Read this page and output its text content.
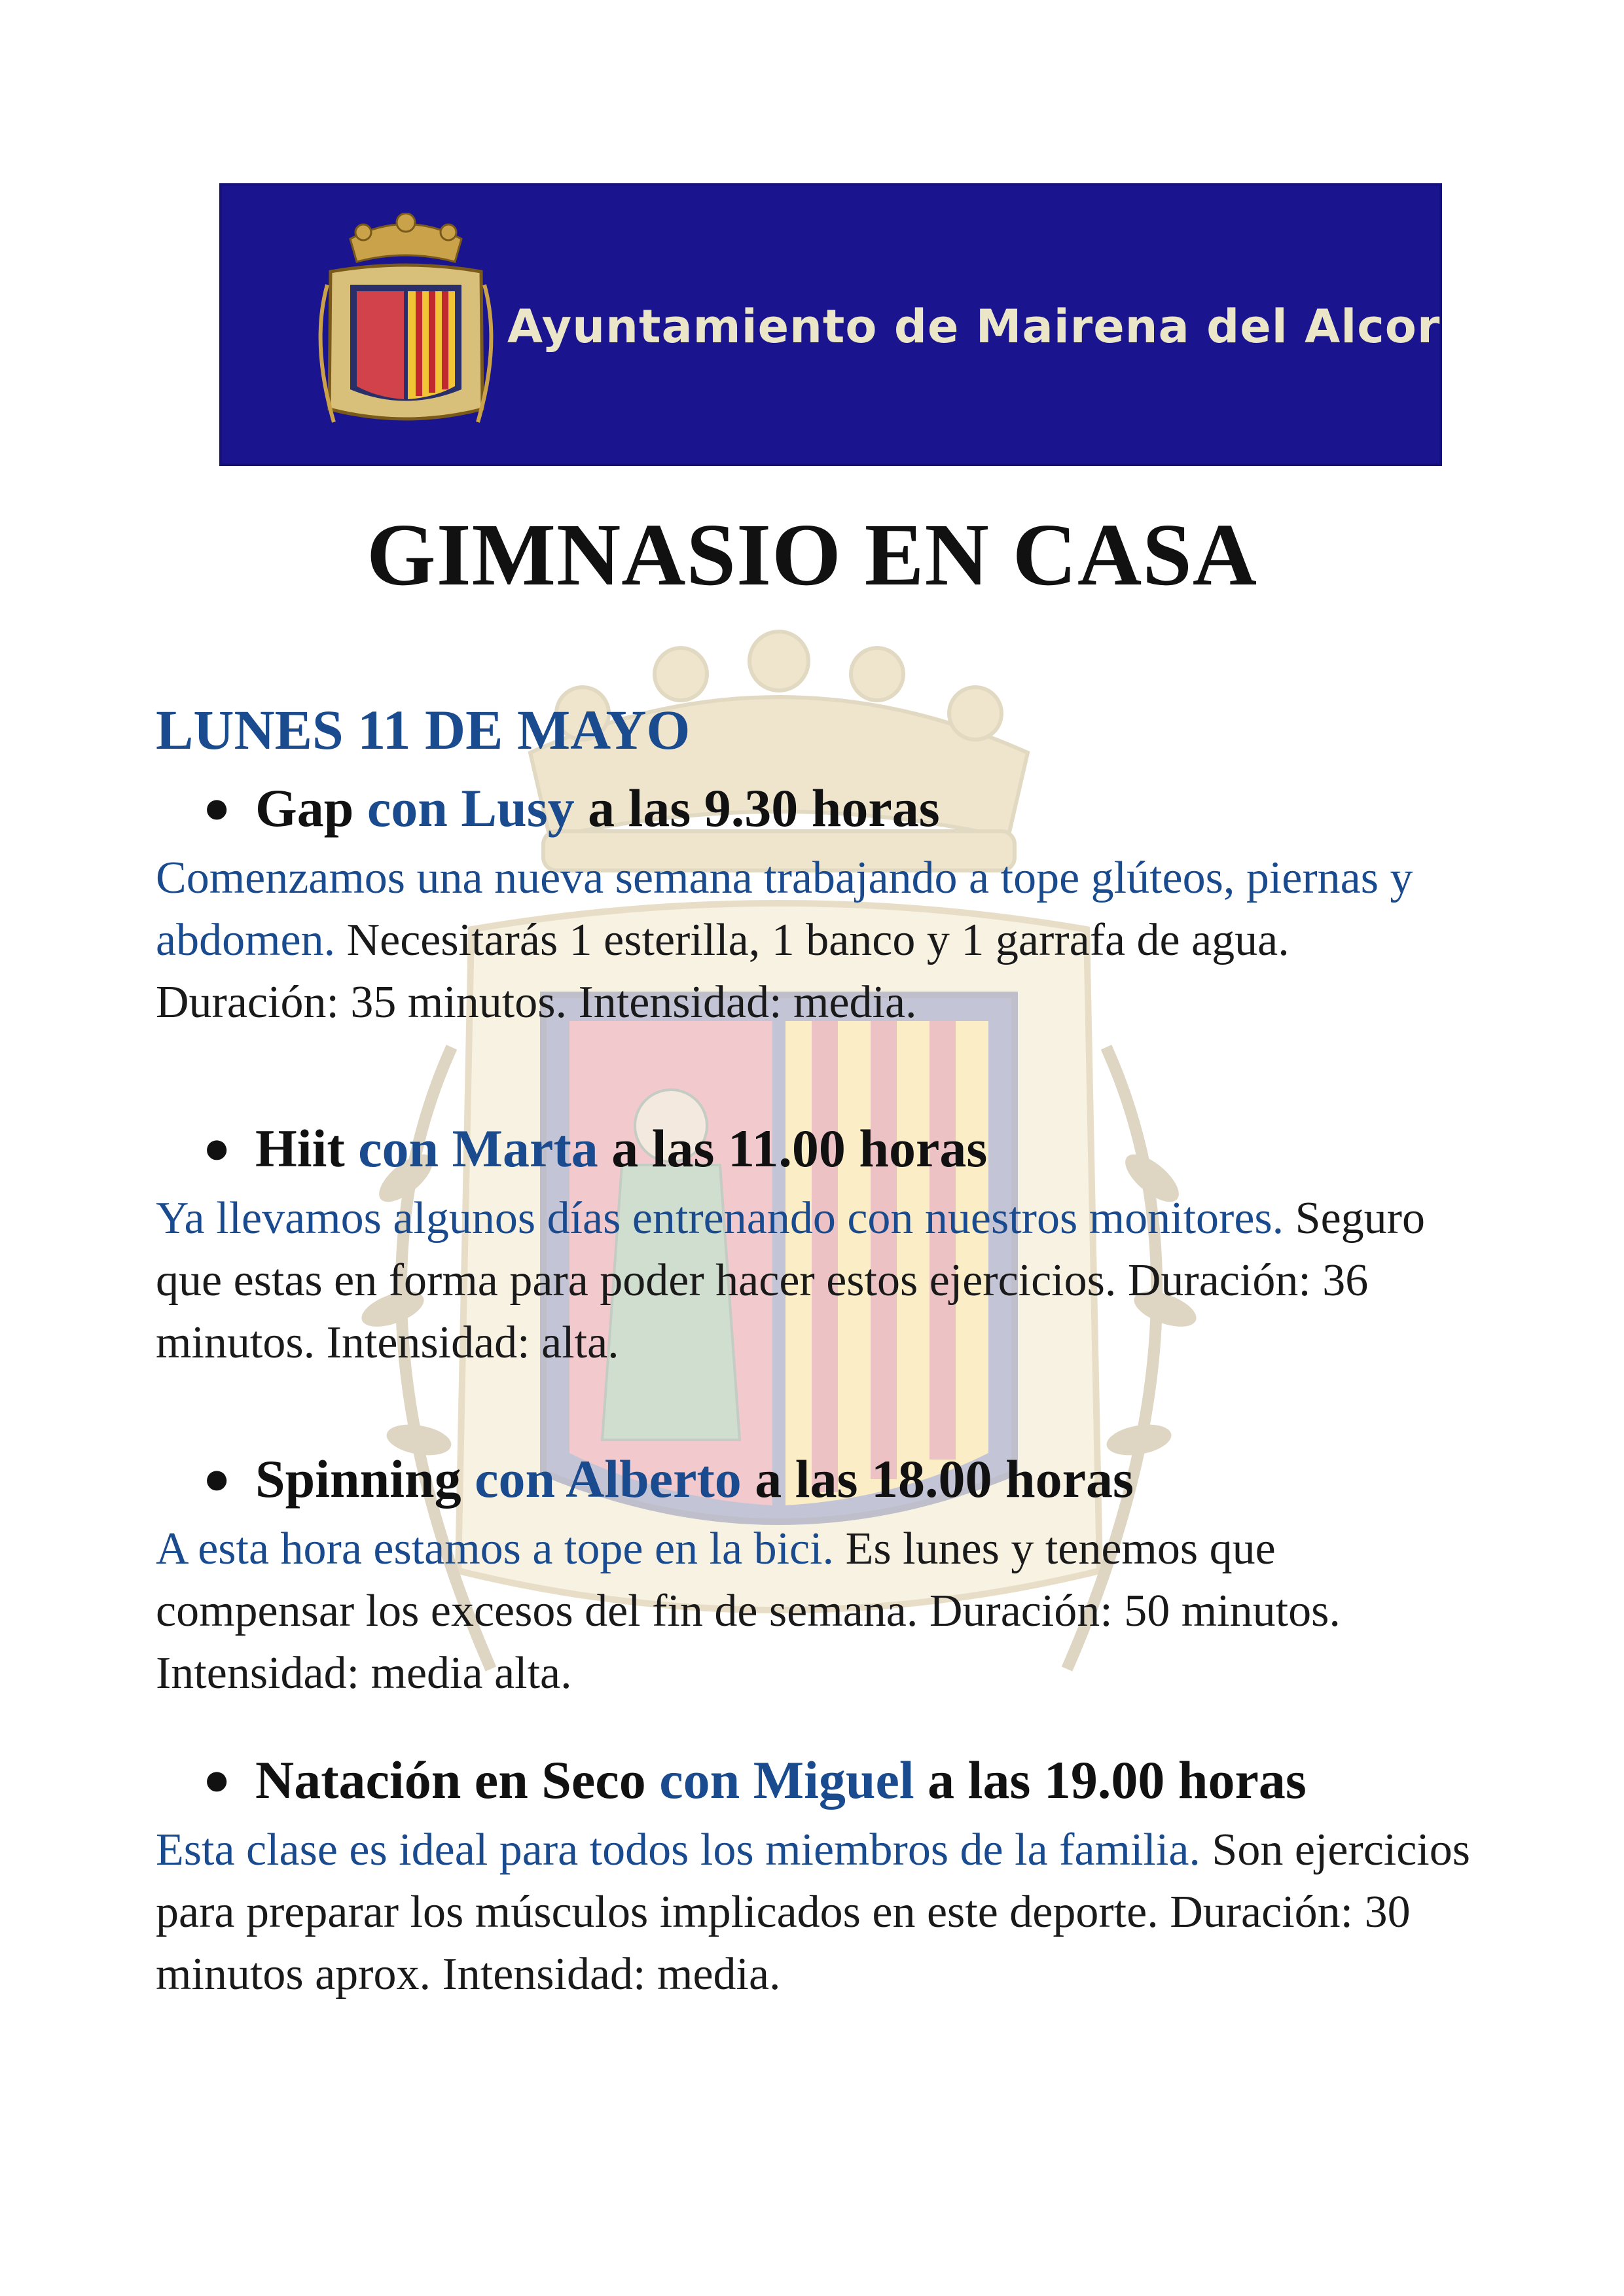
Ayuntamiento de Mairena del Alcor
GIMNASIO EN CASA
LUNES 11 DE MAYO
● Gap con Lusy a las 9.30 horas
Comenzamos una nueva semana trabajando a tope glúteos, piernas y abdomen. Necesitarás 1 esterilla, 1 banco y 1 garrafa de agua. Duración: 35 minutos. Intensidad: media.
● Hiit con Marta a las 11.00 horas
Ya llevamos algunos días entrenando con nuestros monitores. Seguro que estas en forma para poder hacer estos ejercicios. Duración: 36 minutos. Intensidad: alta.
● Spinning con Alberto a las 18.00 horas
A esta hora estamos a tope en la bici. Es lunes y tenemos que compensar los excesos del fin de semana. Duración: 50 minutos. Intensidad: media alta.
● Natación en Seco con Miguel a las 19.00 horas
Esta clase es ideal para todos los miembros de la familia. Son ejercicios para preparar los músculos implicados en este deporte. Duración: 30 minutos aprox. Intensidad: media.
